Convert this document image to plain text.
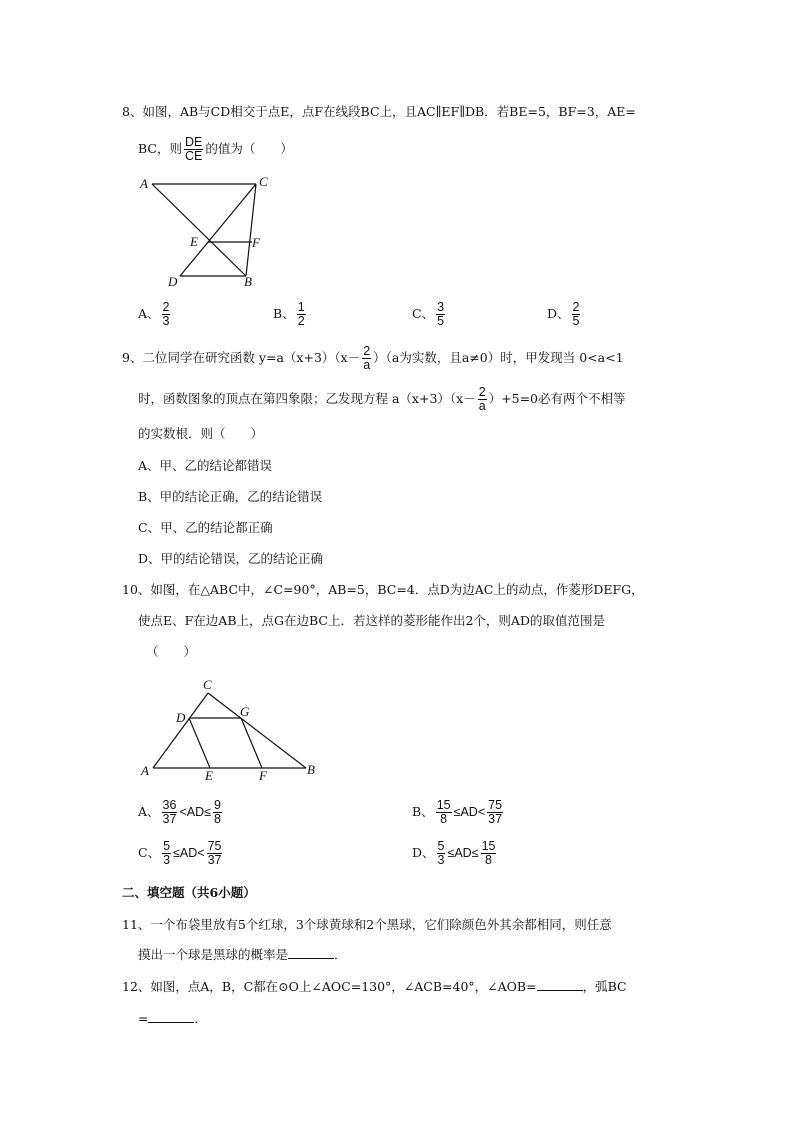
8、如图，AB与CD相交于点E，点F在线段BC上，且AC∥EF∥DB．若BE=5，BF=3，AE=
BC，则 $\frac{DE}{CE}$ 的值为（　　）
A	C
E	F
D	B
A、 $\frac{2}{3}$	B、 $\frac{1}{2}$	C、 $\frac{3}{5}$	D、 $\frac{2}{5}$
9、二位同学在研究函数 $y=a(x+3)(x- \frac{2}{a} )(a$为实数，且a≠0）时，甲发现当 0<a<1
时，函数图象的顶点在第四象限；乙发现方程 $a(x+3)(x- \frac{2}{a} )+5=0$必有两个不相等
的实数根．则（　　）
A、甲、乙的结论都错误
B、甲的结论正确，乙的结论错误
C、甲、乙的结论都正确
D、甲的结论错误，乙的结论正确
10、如图，在△ABC中，∠C=90°，AB=5，BC=4．点D为边AC上的动点，作菱形DEFG，
使点E、F在边AB上，点G在边BC上．若这样的菱形能作出2个，则AD的取值范围是
（　　）
C
D	G
A	E	F	B
A、 $\frac{36}{37} <AD\le \frac{9}{8}$	B、 $\frac{15}{8} \le AD< \frac{75}{37}$
C、 $\frac{5}{3} \le AD< \frac{75}{37}$	D、 $\frac{5}{3} \le AD\le \frac{15}{8}$
二、填空题（共6小题）
11、一个布袋里放有5个红球，3个球黄球和2个黑球，它们除颜色外其余都相同，则任意
摸出一个球是黑球的概率是	．
12、如图，点A，B，C都在⊙O上∠AOC=130°，∠ACB=40°，∠AOB=	，弧BC
=	．
